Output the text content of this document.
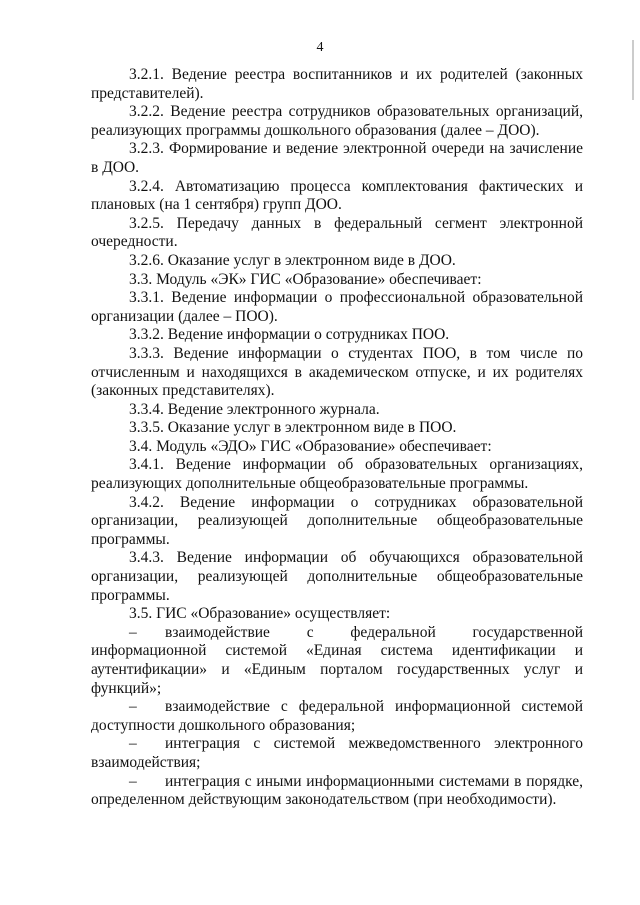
4

3.2.1. Ведение реестра воспитанников и их родителей (законных представителей).

3.2.2. Ведение реестра сотрудников образовательных организаций, реализующих программы дошкольного образования (далее – ДОО).

3.2.3. Формирование и ведение электронной очереди на зачисление в ДОО.

3.2.4. Автоматизацию процесса комплектования фактических и плановых (на 1 сентября) групп ДОО.

3.2.5. Передачу данных в федеральный сегмент электронной очередности.

3.2.6. Оказание услуг в электронном виде в ДОО.

3.3. Модуль «ЭК» ГИС «Образование» обеспечивает:

3.3.1. Ведение информации о профессиональной образовательной организации (далее – ПОО).

3.3.2. Ведение информации о сотрудниках ПОО.

3.3.3. Ведение информации о студентах ПОО, в том числе по отчисленным и находящихся в академическом отпуске, и их родителях (законных представителях).

3.3.4. Ведение электронного журнала.

3.3.5. Оказание услуг в электронном виде в ПОО.

3.4. Модуль «ЭДО» ГИС «Образование» обеспечивает:

3.4.1. Ведение информации об образовательных организациях, реализующих дополнительные общеобразовательные программы.

3.4.2. Ведение информации о сотрудниках образовательной организации, реализующей дополнительные общеобразовательные программы.

3.4.3. Ведение информации об обучающихся образовательной организации, реализующей дополнительные общеобразовательные программы.

3.5. ГИС «Образование» осуществляет:

– взаимодействие с федеральной государственной информационной системой «Единая система идентификации и аутентификации» и «Единым порталом государственных услуг и функций»;

– взаимодействие с федеральной информационной системой доступности дошкольного образования;

– интеграция с системой межведомственного электронного взаимодействия;

– интеграция с иными информационными системами в порядке, определенном действующим законодательством (при необходимости).
